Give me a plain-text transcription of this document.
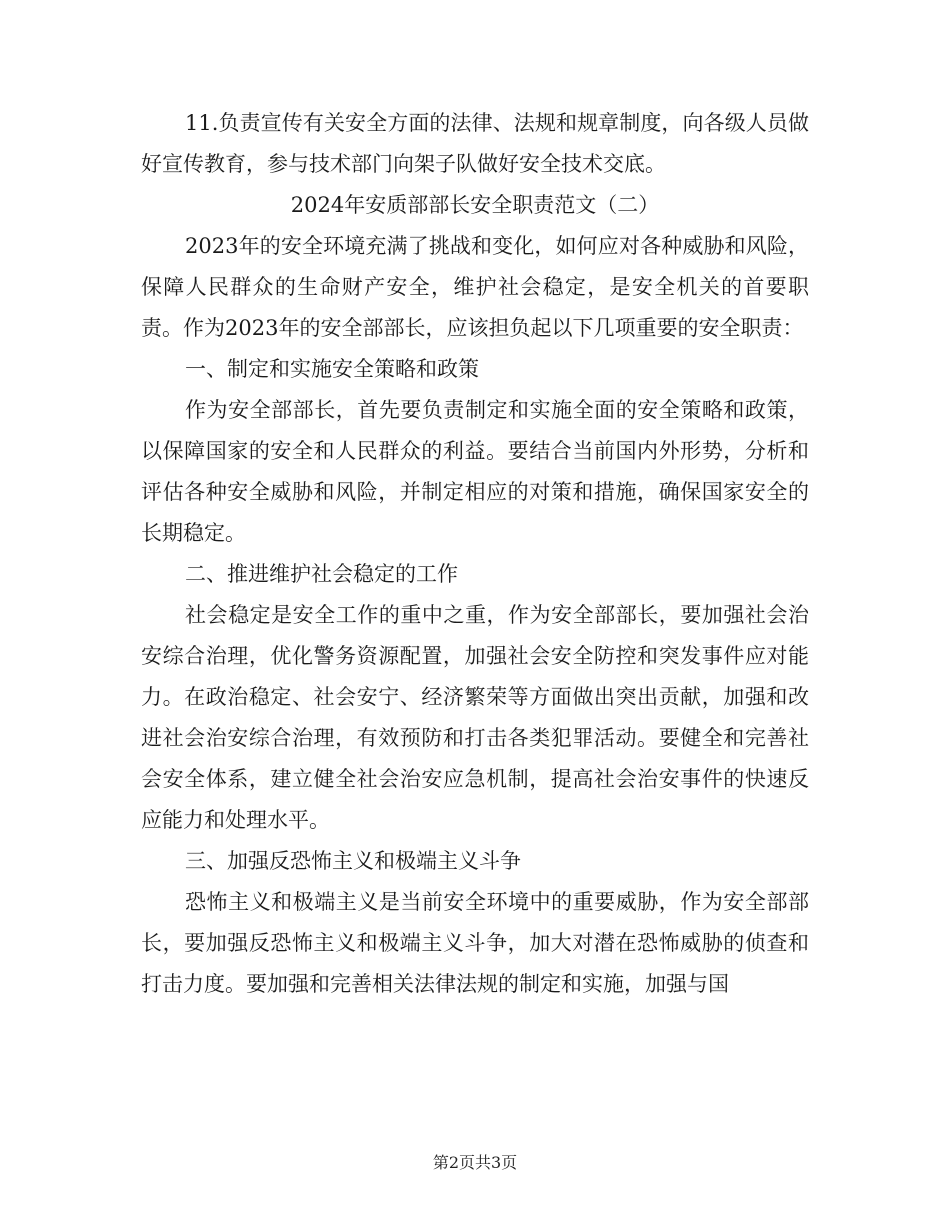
11.负责宣传有关安全方面的法律、法规和规章制度，向各级人员做好宣传教育，参与技术部门向架子队做好安全技术交底。

2024年安质部部长安全职责范文（二）

2023年的安全环境充满了挑战和变化，如何应对各种威胁和风险，保障人民群众的生命财产安全，维护社会稳定，是安全机关的首要职责。作为2023年的安全部部长，应该担负起以下几项重要的安全职责：

一、制定和实施安全策略和政策

作为安全部部长，首先要负责制定和实施全面的安全策略和政策，以保障国家的安全和人民群众的利益。要结合当前国内外形势，分析和评估各种安全威胁和风险，并制定相应的对策和措施，确保国家安全的长期稳定。

二、推进维护社会稳定的工作

社会稳定是安全工作的重中之重，作为安全部部长，要加强社会治安综合治理，优化警务资源配置，加强社会安全防控和突发事件应对能力。在政治稳定、社会安宁、经济繁荣等方面做出突出贡献，加强和改进社会治安综合治理，有效预防和打击各类犯罪活动。要健全和完善社会安全体系，建立健全社会治安应急机制，提高社会治安事件的快速反应能力和处理水平。

三、加强反恐怖主义和极端主义斗争

恐怖主义和极端主义是当前安全环境中的重要威胁，作为安全部部长，要加强反恐怖主义和极端主义斗争，加大对潜在恐怖威胁的侦查和打击力度。要加强和完善相关法律法规的制定和实施，加强与国

第2页共3页
